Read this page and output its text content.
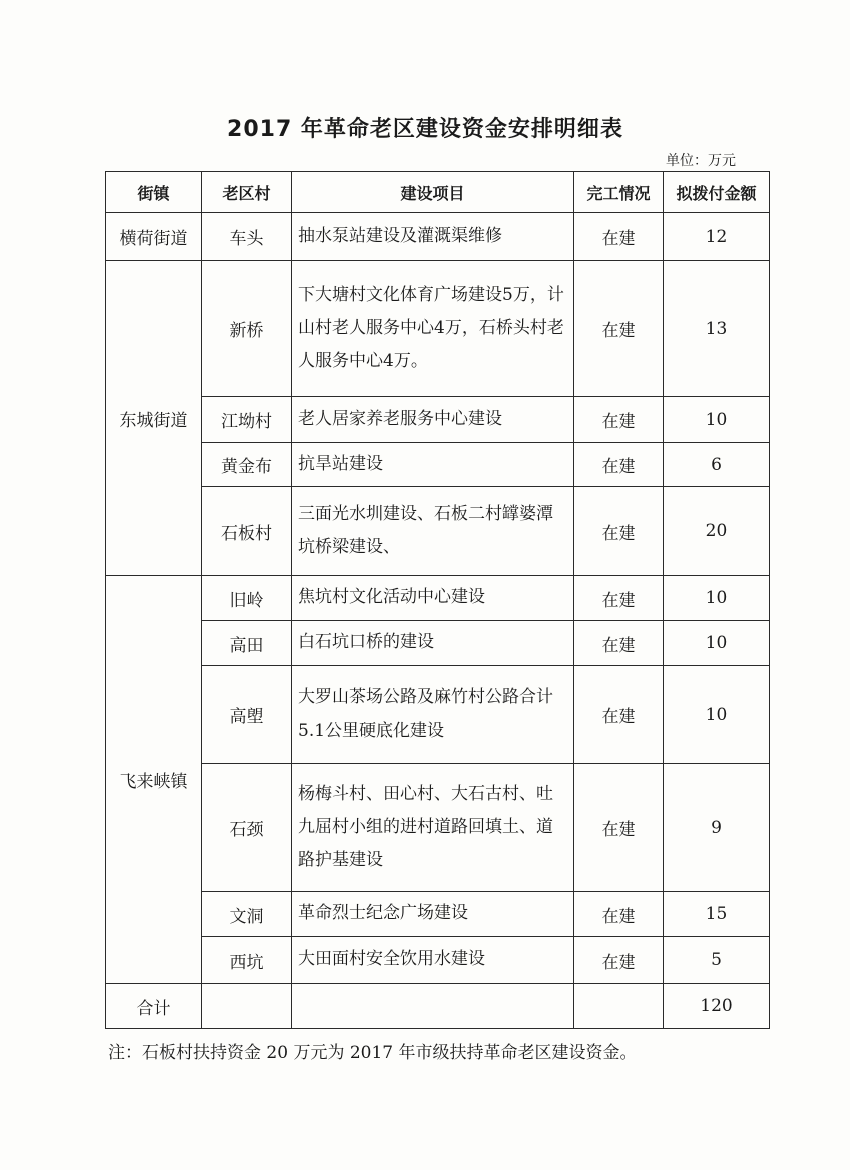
2017 年革命老区建设资金安排明细表
单位：万元
街镇	老区村	建设项目	完工情况	拟拨付金额
横荷街道	车头	抽水泵站建设及灌溉渠维修	在建	12
东城街道	新桥	下大塘村文化体育广场建设5万，计山村老人服务中心4万，石桥头村老人服务中心4万。	在建	13
	江坳村	老人居家养老服务中心建设	在建	10
	黄金布	抗旱站建设	在建	6
	石板村	三面光水圳建设、石板二村罉婆潭坑桥梁建设、	在建	20
飞来峡镇	旧岭	焦坑村文化活动中心建设	在建	10
	高田	白石坑口桥的建设	在建	10
	高塱	大罗山茶场公路及麻竹村公路合计5.1公里硬底化建设	在建	10
	石颈	杨梅斗村、田心村、大石古村、吐九屈村小组的进村道路回填土、道路护基建设	在建	9
	文洞	革命烈士纪念广场建设	在建	15
	西坑	大田面村安全饮用水建设	在建	5
合计				120
注：石板村扶持资金 20 万元为 2017 年市级扶持革命老区建设资金。
